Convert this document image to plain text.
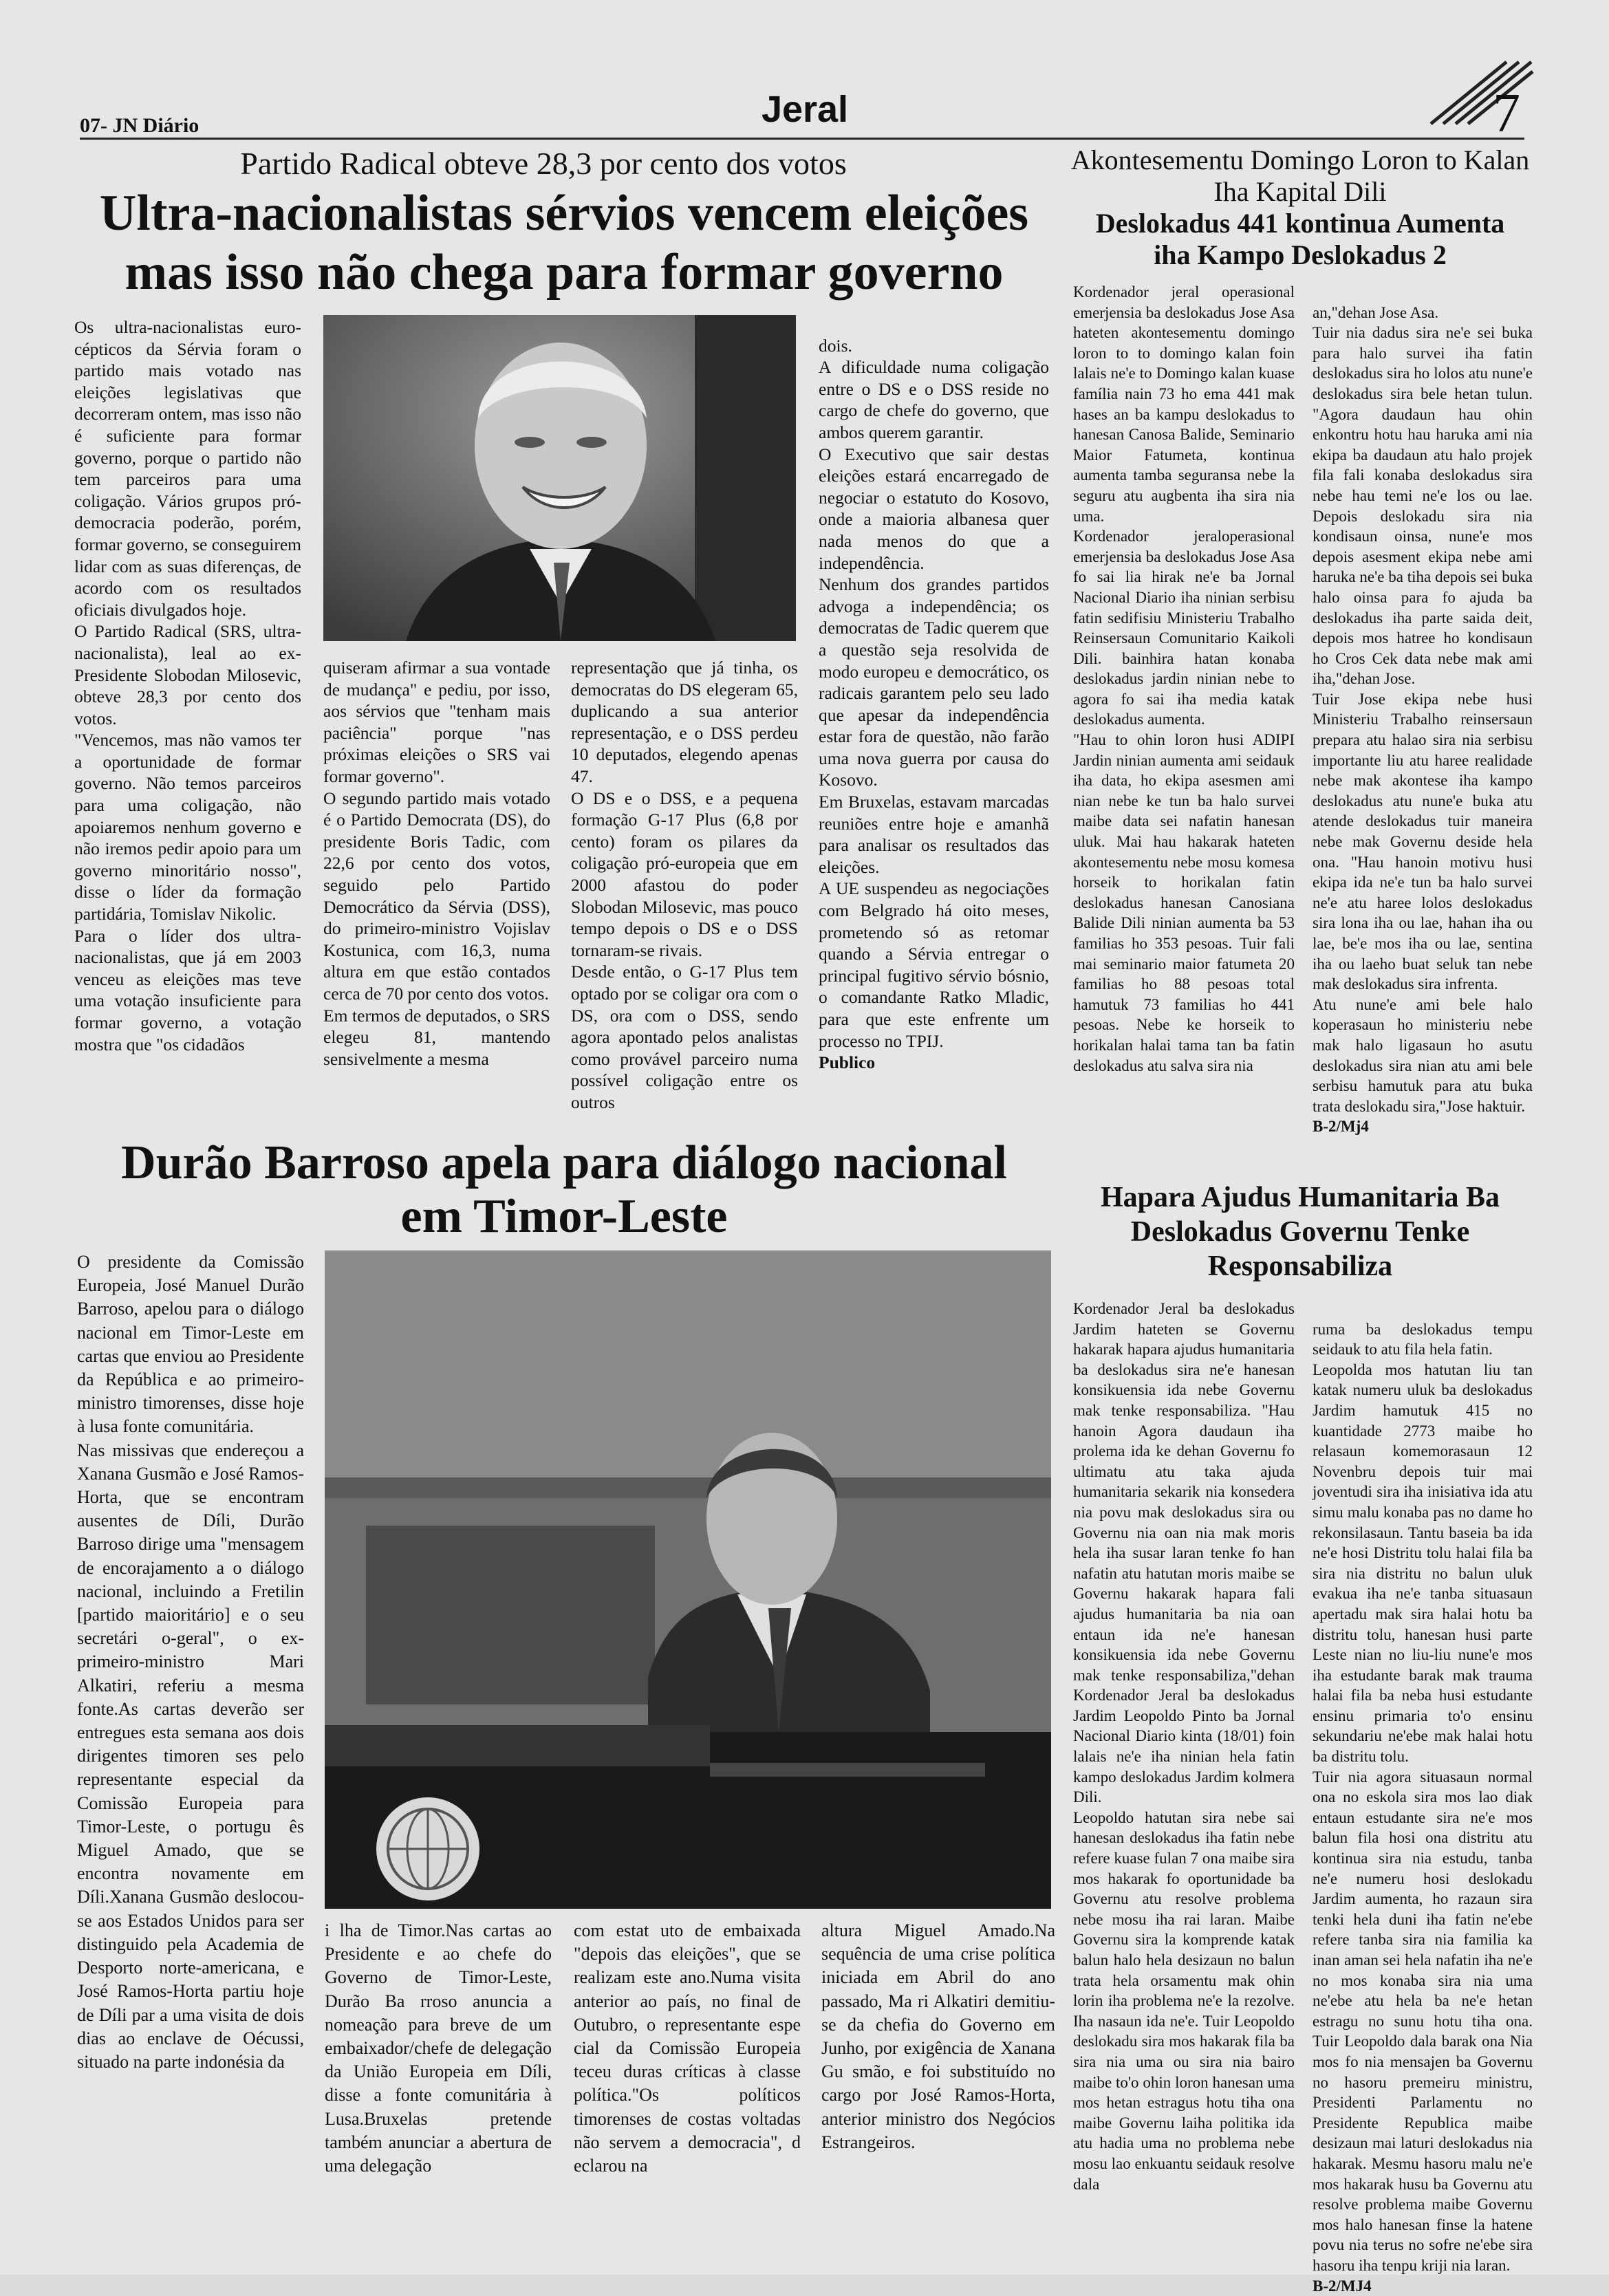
07- JN Diário	Jeral	7
Partido Radical obteve 28,3 por cento dos votos
Ultra-nacionalistas sérvios vencem eleições
mas isso não chega para formar governo
Os ultra-nacionalistas euro-cépticos da Sérvia foram o partido mais votado nas eleições legislativas que decorreram ontem, mas isso não é suficiente para formar governo, porque o partido não tem parceiros para uma coligação. Vários grupos pró-democracia poderão, porém, formar governo, se conseguirem lidar com as suas diferenças, de acordo com os resultados oficiais divulgados hoje.
O Partido Radical (SRS, ultra-nacionalista), leal ao ex-Presidente Slobodan Milosevic, obteve 28,3 por cento dos votos.
"Vencemos, mas não vamos ter a oportunidade de formar governo. Não temos parceiros para uma coligação, não apoiaremos nenhum governo e não iremos pedir apoio para um governo minoritário nosso", disse o líder da formação partidária, Tomislav Nikolic.
Para o líder dos ultra-nacionalistas, que já em 2003 venceu as eleições mas teve uma votação insuficiente para formar governo, a votação mostra que "os cidadãos
quiseram afirmar a sua vontade de mudança" e pediu, por isso, aos sérvios que "tenham mais paciência" porque "nas próximas eleições o SRS vai formar governo".
O segundo partido mais votado é o Partido Democrata (DS), do presidente Boris Tadic, com 22,6 por cento dos votos, seguido pelo Partido Democrático da Sérvia (DSS), do primeiro-ministro Vojislav Kostunica, com 16,3, numa altura em que estão contados cerca de 70 por cento dos votos.
Em termos de deputados, o SRS elegeu 81, mantendo sensivelmente a mesma
representação que já tinha, os democratas do DS elegeram 65, duplicando a sua anterior representação, e o DSS perdeu 10 deputados, elegendo apenas 47.
O DS e o DSS, e a pequena formação G-17 Plus (6,8 por cento) foram os pilares da coligação pró-europeia que em 2000 afastou do poder Slobodan Milosevic, mas pouco tempo depois o DS e o DSS tornaram-se rivais.
Desde então, o G-17 Plus tem optado por se coligar ora com o DS, ora com o DSS, sendo agora apontado pelos analistas como provável parceiro numa possível coligação entre os outros

dois.
A dificuldade numa coligação entre o DS e o DSS reside no cargo de chefe do governo, que ambos querem garantir.
O Executivo que sair destas eleições estará encarregado de negociar o estatuto do Kosovo, onde a maioria albanesa quer nada menos do que a independência.
Nenhum dos grandes partidos advoga a independência; os democratas de Tadic querem que a questão seja resolvida de modo europeu e democrático, os radicais garantem pelo seu lado que apesar da independência estar fora de questão, não farão uma nova guerra por causa do Kosovo.
Em Bruxelas, estavam marcadas reuniões entre hoje e amanhã para analisar os resultados das eleições.
A UE suspendeu as negociações com Belgrado há oito meses, prometendo só as retomar quando a Sérvia entregar o principal fugitivo sérvio bósnio, o comandante Ratko Mladic, para que este enfrente um processo no TPIJ.
Publico

Durão Barroso apela para diálogo nacional
em Timor-Leste
O presidente da Comissão Europeia, José Manuel Durão Barroso, apelou para o diálogo nacional em Timor-Leste em cartas que enviou ao Presidente da República e ao primeiro-ministro timorenses, disse hoje à lusa fonte comunitária.
Nas missivas que endereçou a Xanana Gusmão e José Ramos-Horta, que se encontram ausentes de Díli, Durão Barroso dirige uma "mensagem de encorajamento a o diálogo nacional, incluindo a Fretilin [partido maioritário] e o seu secretári o-geral", o ex-primeiro-ministro Mari Alkatiri, referiu a mesma fonte.As cartas deverão ser entregues esta semana aos dois dirigentes timoren ses pelo representante especial da Comissão Europeia para Timor-Leste, o portugu ês Miguel Amado, que se encontra novamente em Díli.Xanana Gusmão deslocou-se aos Estados Unidos para ser distinguido pela Academia de Desporto norte-americana, e José Ramos-Horta partiu hoje de Díli par a uma visita de dois dias ao enclave de Oécussi, situado na parte indonésia da
i lha de Timor.Nas cartas ao Presidente e ao chefe do Governo de Timor-Leste, Durão Ba rroso anuncia a nomeação para breve de um embaixador/chefe de delegação da União Europeia em Díli, disse a fonte comunitária à Lusa.Bruxelas pretende também anunciar a abertura de uma delegação
com estat uto de embaixada "depois das eleições", que se realizam este ano.Numa visita anterior ao país, no final de Outubro, o representante espe cial da Comissão Europeia teceu duras críticas à classe política."Os políticos timorenses de costas voltadas não servem a democracia", d eclarou na
altura Miguel Amado.Na sequência de uma crise política iniciada em Abril do ano passado, Ma ri Alkatiri demitiu-se da chefia do Governo em Junho, por exigência de Xanana Gu smão, e foi substituído no cargo por José Ramos-Horta, anterior ministro dos Negócios Estrangeiros.
Akontesementu Domingo Loron to Kalan
Iha Kapital Dili
Deslokadus 441 kontinua Aumenta
iha Kampo Deslokadus 2
Kordenador jeral operasional emerjensia ba deslokadus Jose Asa hateten akontesementu domingo loron to to domingo kalan foin lalais ne'e to Domingo kalan kuase família nain 73 ho ema 441 mak hases an ba kampu deslokadus to hanesan Canosa Balide, Seminario Maior Fatumeta, kontinua aumenta tamba seguransa nebe la seguru atu augbenta iha sira nia uma.
Kordenador jeraloperasional emerjensia ba deslokadus Jose Asa fo sai lia hirak ne'e ba Jornal Nacional Diario iha ninian serbisu fatin sedifisiu Ministeriu Trabalho Reinsersaun Comunitario Kaikoli Dili. bainhira hatan konaba deslokadus jardin ninian nebe to agora fo sai iha media katak deslokadus aumenta.
"Hau to ohin loron husi ADIPI Jardin ninian aumenta ami seidauk iha data, ho ekipa asesmen ami nian nebe ke tun ba halo survei maibe data sei nafatin hanesan uluk. Mai hau hakarak hateten akontesementu nebe mosu komesa horseik to horikalan fatin deslokadus hanesan Canosiana Balide Dili ninian aumenta ba 53 familias ho 353 pesoas. Tuir fali mai seminario maior fatumeta 20 familias ho 88 pesoas total hamutuk 73 familias ho 441 pesoas. Nebe ke horseik to horikalan halai tama tan ba fatin deslokadus atu salva sira nia

an,"dehan Jose Asa.
Tuir nia dadus sira ne'e sei buka para halo survei iha fatin deslokadus sira ho lolos atu nune'e deslokadus sira bele hetan tulun. "Agora daudaun hau ohin enkontru hotu hau haruka ami nia ekipa ba daudaun atu halo projek fila fali konaba deslokadus sira nebe hau temi ne'e los ou lae. Depois deslokadu sira nia kondisaun oinsa, nune'e mos depois asesment ekipa nebe ami haruka ne'e ba tiha depois sei buka halo oinsa para fo ajuda ba deslokadus iha parte saida deit, depois mos hatree ho kondisaun ho Cros Cek data nebe mak ami iha,"dehan Jose.
Tuir Jose ekipa nebe husi Ministeriu Trabalho reinsersaun prepara atu halao sira nia serbisu importante liu atu haree realidade nebe mak akontese iha kampo deslokadus atu nune'e buka atu atende deslokadus tuir maneira nebe mak Governu deside hela ona. "Hau hanoin motivu husi ekipa ida ne'e tun ba halo survei ne'e atu haree lolos deslokadus sira lona iha ou lae, hahan iha ou lae, be'e mos iha ou lae, sentina iha ou laeho buat seluk tan nebe mak deslokadus sira infrenta.
Atu nune'e ami bele halo koperasaun ho ministeriu nebe mak halo ligasaun ho asutu deslokadus sira nian atu ami bele serbisu hamutuk para atu buka trata deslokadu sira,"Jose haktuir.
B-2/Mj4

Hapara Ajudus Humanitaria Ba
Deslokadus Governu Tenke
Responsabiliza
Kordenador Jeral ba deslokadus Jardim hateten se Governu hakarak hapara ajudus humanitaria ba deslokadus sira ne'e hanesan konsikuensia ida nebe Governu mak tenke responsabiliza. "Hau hanoin Agora daudaun iha prolema ida ke dehan Governu fo ultimatu atu taka ajuda humanitaria sekarik nia konsedera nia povu mak deslokadus sira ou Governu nia oan nia mak moris hela iha susar laran tenke fo han nafatin atu hatutan moris maibe se Governu hakarak hapara fali ajudus humanitaria ba nia oan entaun ida ne'e hanesan konsikuensia ida nebe Governu mak tenke responsabiliza,"dehan Kordenador Jeral ba deslokadus Jardim Leopoldo Pinto ba Jornal Nacional Diario kinta (18/01) foin lalais ne'e iha ninian hela fatin kampo deslokadus Jardim kolmera Dili.
Leopoldo hatutan sira nebe sai hanesan deslokadus iha fatin nebe refere kuase fulan 7 ona maibe sira mos hakarak fo oportunidade ba Governu atu resolve problema nebe mosu iha rai laran. Maibe Governu sira la komprende katak balun halo hela desizaun no balun trata hela orsamentu mak ohin lorin iha problema ne'e la rezolve. Iha nasaun ida ne'e. Tuir Leopoldo deslokadu sira mos hakarak fila ba sira nia uma ou sira nia bairo maibe to'o ohin loron hanesan uma mos hetan estragus hotu tiha ona maibe Governu laiha politika ida atu hadia uma no problema nebe mosu lao enkuantu seidauk resolve dala

ruma ba deslokadus tempu seidauk to atu fila hela fatin.
Leopolda mos hatutan liu tan katak numeru uluk ba deslokadus Jardim hamutuk 415 no kuantidade 2773 maibe ho relasaun komemorasaun 12 Novenbru depois tuir mai joventudi sira iha inisiativa ida atu simu malu konaba pas no dame ho rekonsilasaun. Tantu baseia ba ida ne'e hosi Distritu tolu halai fila ba sira nia distritu no balun uluk evakua iha ne'e tanba situasaun apertadu mak sira halai hotu ba distritu tolu, hanesan husi parte Leste nian no liu-liu nune'e mos iha estudante barak mak trauma halai fila ba neba husi estudante ensinu primaria to'o ensinu sekundariu ne'ebe mak halai hotu ba distritu tolu.
Tuir nia agora situasaun normal ona no eskola sira mos lao diak entaun estudante sira ne'e mos balun fila hosi ona distritu atu kontinua sira nia estudu, tanba ne'e numeru hosi deslokadu Jardim aumenta, ho razaun sira tenki hela duni iha fatin ne'ebe refere tanba sira nia familia ka inan aman sei hela nafatin iha ne'e no mos konaba sira nia uma ne'ebe atu hela ba ne'e hetan estragu no sunu hotu tiha ona. Tuir Leopoldo dala barak ona Nia mos fo nia mensajen ba Governu no hasoru premeiru ministru, Presidenti Parlamentu no Presidente Republica maibe desizaun mai laturi deslokadus nia hakarak. Mesmu hasoru malu ne'e mos hakarak husu ba Governu atu resolve problema maibe Governu mos halo hanesan finse la hatene povu nia terus no sofre ne'ebe sira hasoru iha tenpu kriji nia laran.
B-2/MJ4
